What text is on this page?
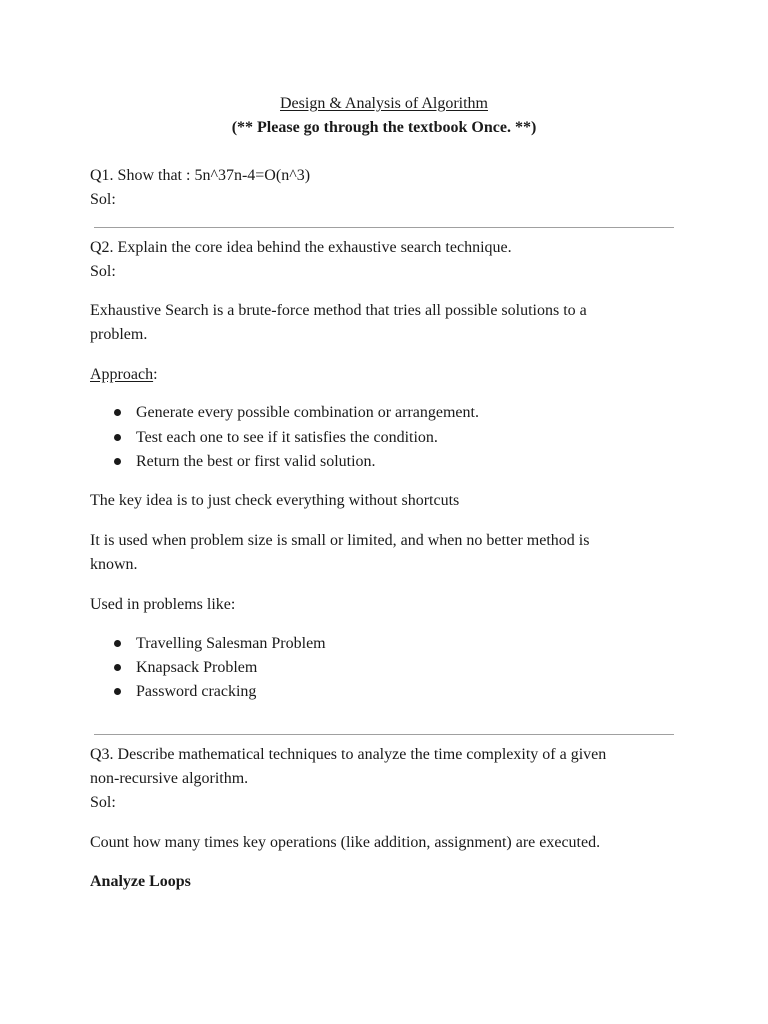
Design & Analysis of Algorithm
(** Please go through the textbook Once. **)
Q1. Show that : 5n^37n-4=O(n^3)
Sol:
Q2. Explain the core idea behind the exhaustive search technique.
Sol:
Exhaustive Search is a brute-force method that tries all possible solutions to a
problem.
Approach:
Generate every possible combination or arrangement.
Test each one to see if it satisfies the condition.
Return the best or first valid solution.
The key idea is to just check everything without shortcuts
It is used when problem size is small or limited, and when no better method is
known.
Used in problems like:
Travelling Salesman Problem
Knapsack Problem
Password cracking
Q3. Describe mathematical techniques to analyze the time complexity of a given
non-recursive algorithm.
Sol:
Count how many times key operations (like addition, assignment) are executed.
Analyze Loops
